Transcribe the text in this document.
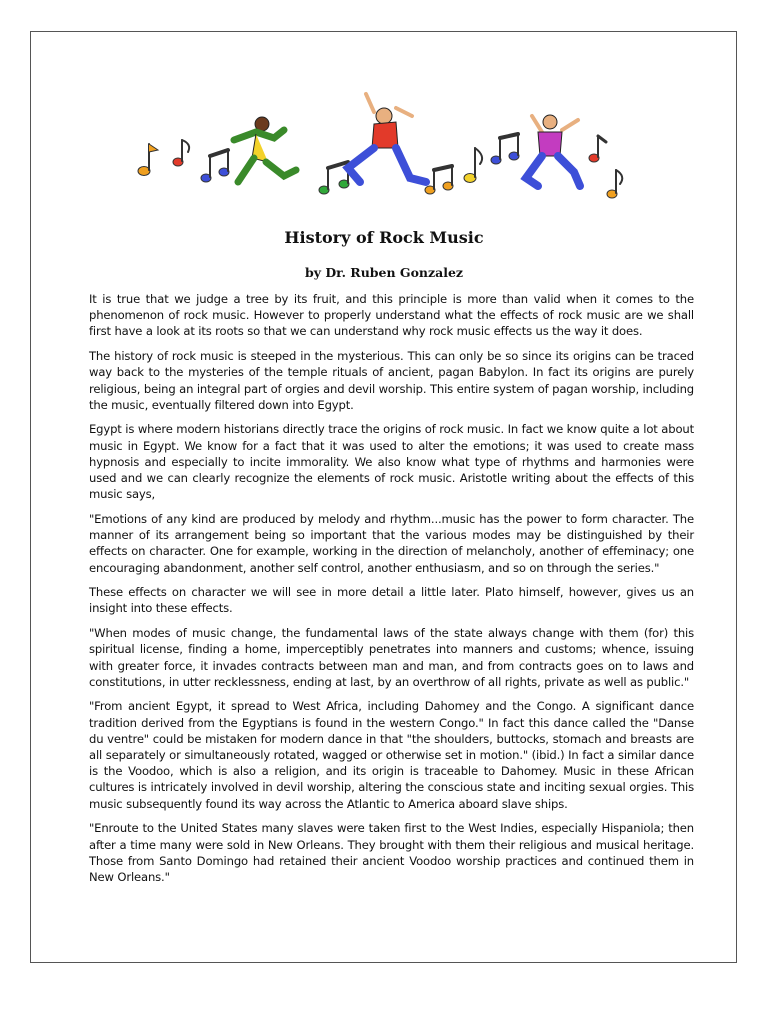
History of Rock Music
by Dr. Ruben Gonzalez

It is true that we judge a tree by its fruit, and this principle is more than valid when it comes to the phenomenon of rock music. However to properly understand what the effects of rock music are we shall first have a look at its roots so that we can understand why rock music effects us the way it does.

The history of rock music is steeped in the mysterious. This can only be so since its origins can be traced way back to the mysteries of the temple rituals of ancient, pagan Babylon. In fact its origins are purely religious, being an integral part of orgies and devil worship. This entire system of pagan worship, including the music, eventually filtered down into Egypt.

Egypt is where modern historians directly trace the origins of rock music. In fact we know quite a lot about music in Egypt. We know for a fact that it was used to alter the emotions; it was used to create mass hypnosis and especially to incite immorality. We also know what type of rhythms and harmonies were used and we can clearly recognize the elements of rock music. Aristotle writing about the effects of this music says,

"Emotions of any kind are produced by melody and rhythm...music has the power to form character. The manner of its arrangement being so important that the various modes may be distinguished by their effects on character. One for example, working in the direction of melancholy, another of effeminacy; one encouraging abandonment, another self control, another enthusiasm, and so on through the series."

These effects on character we will see in more detail a little later. Plato himself, however, gives us an insight into these effects.

"When modes of music change, the fundamental laws of the state always change with them (for) this spiritual license, finding a home, imperceptibly penetrates into manners and customs; whence, issuing with greater force, it invades contracts between man and man, and from contracts goes on to laws and constitutions, in utter recklessness, ending at last, by an overthrow of all rights, private as well as public."

"From ancient Egypt, it spread to West Africa, including Dahomey and the Congo. A significant dance tradition derived from the Egyptians is found in the western Congo." In fact this dance called the "Danse du ventre" could be mistaken for modern dance in that "the shoulders, buttocks, stomach and breasts are all separately or simultaneously rotated, wagged or otherwise set in motion." (ibid.) In fact a similar dance is the Voodoo, which is also a religion, and its origin is traceable to Dahomey. Music in these African cultures is intricately involved in devil worship, altering the conscious state and inciting sexual orgies. This music subsequently found its way across the Atlantic to America aboard slave ships.

"Enroute to the United States many slaves were taken first to the West Indies, especially Hispaniola; then after a time many were sold in New Orleans. They brought with them their religious and musical heritage. Those from Santo Domingo had retained their ancient Voodoo worship practices and continued them in New Orleans."
